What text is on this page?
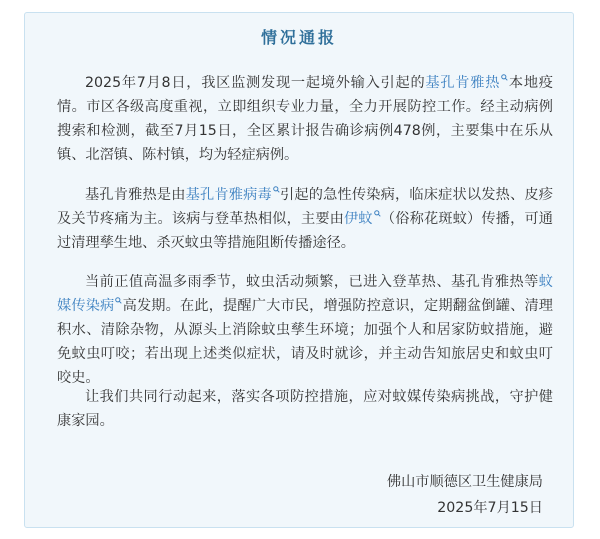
情况通报

2025年7月8日，我区监测发现一起境外输入引起的基孔肯雅热 本地疫情。市区各级高度重视，立即组织专业力量，全力开展防控工作。经主动病例搜索和检测，截至7月15日，全区累计报告确诊病例478例，主要集中在乐从镇、北滘镇、陈村镇，均为轻症病例。

基孔肯雅热是由基孔肯雅病毒 引起的急性传染病，临床症状以发热、皮疹及关节疼痛为主。该病与登革热相似，主要由伊蚊 （俗称花斑蚊）传播，可通过清理孳生地、杀灭蚊虫等措施阻断传播途径。

当前正值高温多雨季节，蚊虫活动频繁，已进入登革热、基孔肯雅热等蚊媒传染病 高发期。在此，提醒广大市民，增强防控意识，定期翻盆倒罐、清理积水、清除杂物，从源头上消除蚊虫孳生环境；加强个人和居家防蚊措施，避免蚊虫叮咬；若出现上述类似症状，请及时就诊，并主动告知旅居史和蚊虫叮咬史。

让我们共同行动起来，落实各项防控措施，应对蚊媒传染病挑战，守护健康家园。

佛山市顺德区卫生健康局
2025年7月15日
